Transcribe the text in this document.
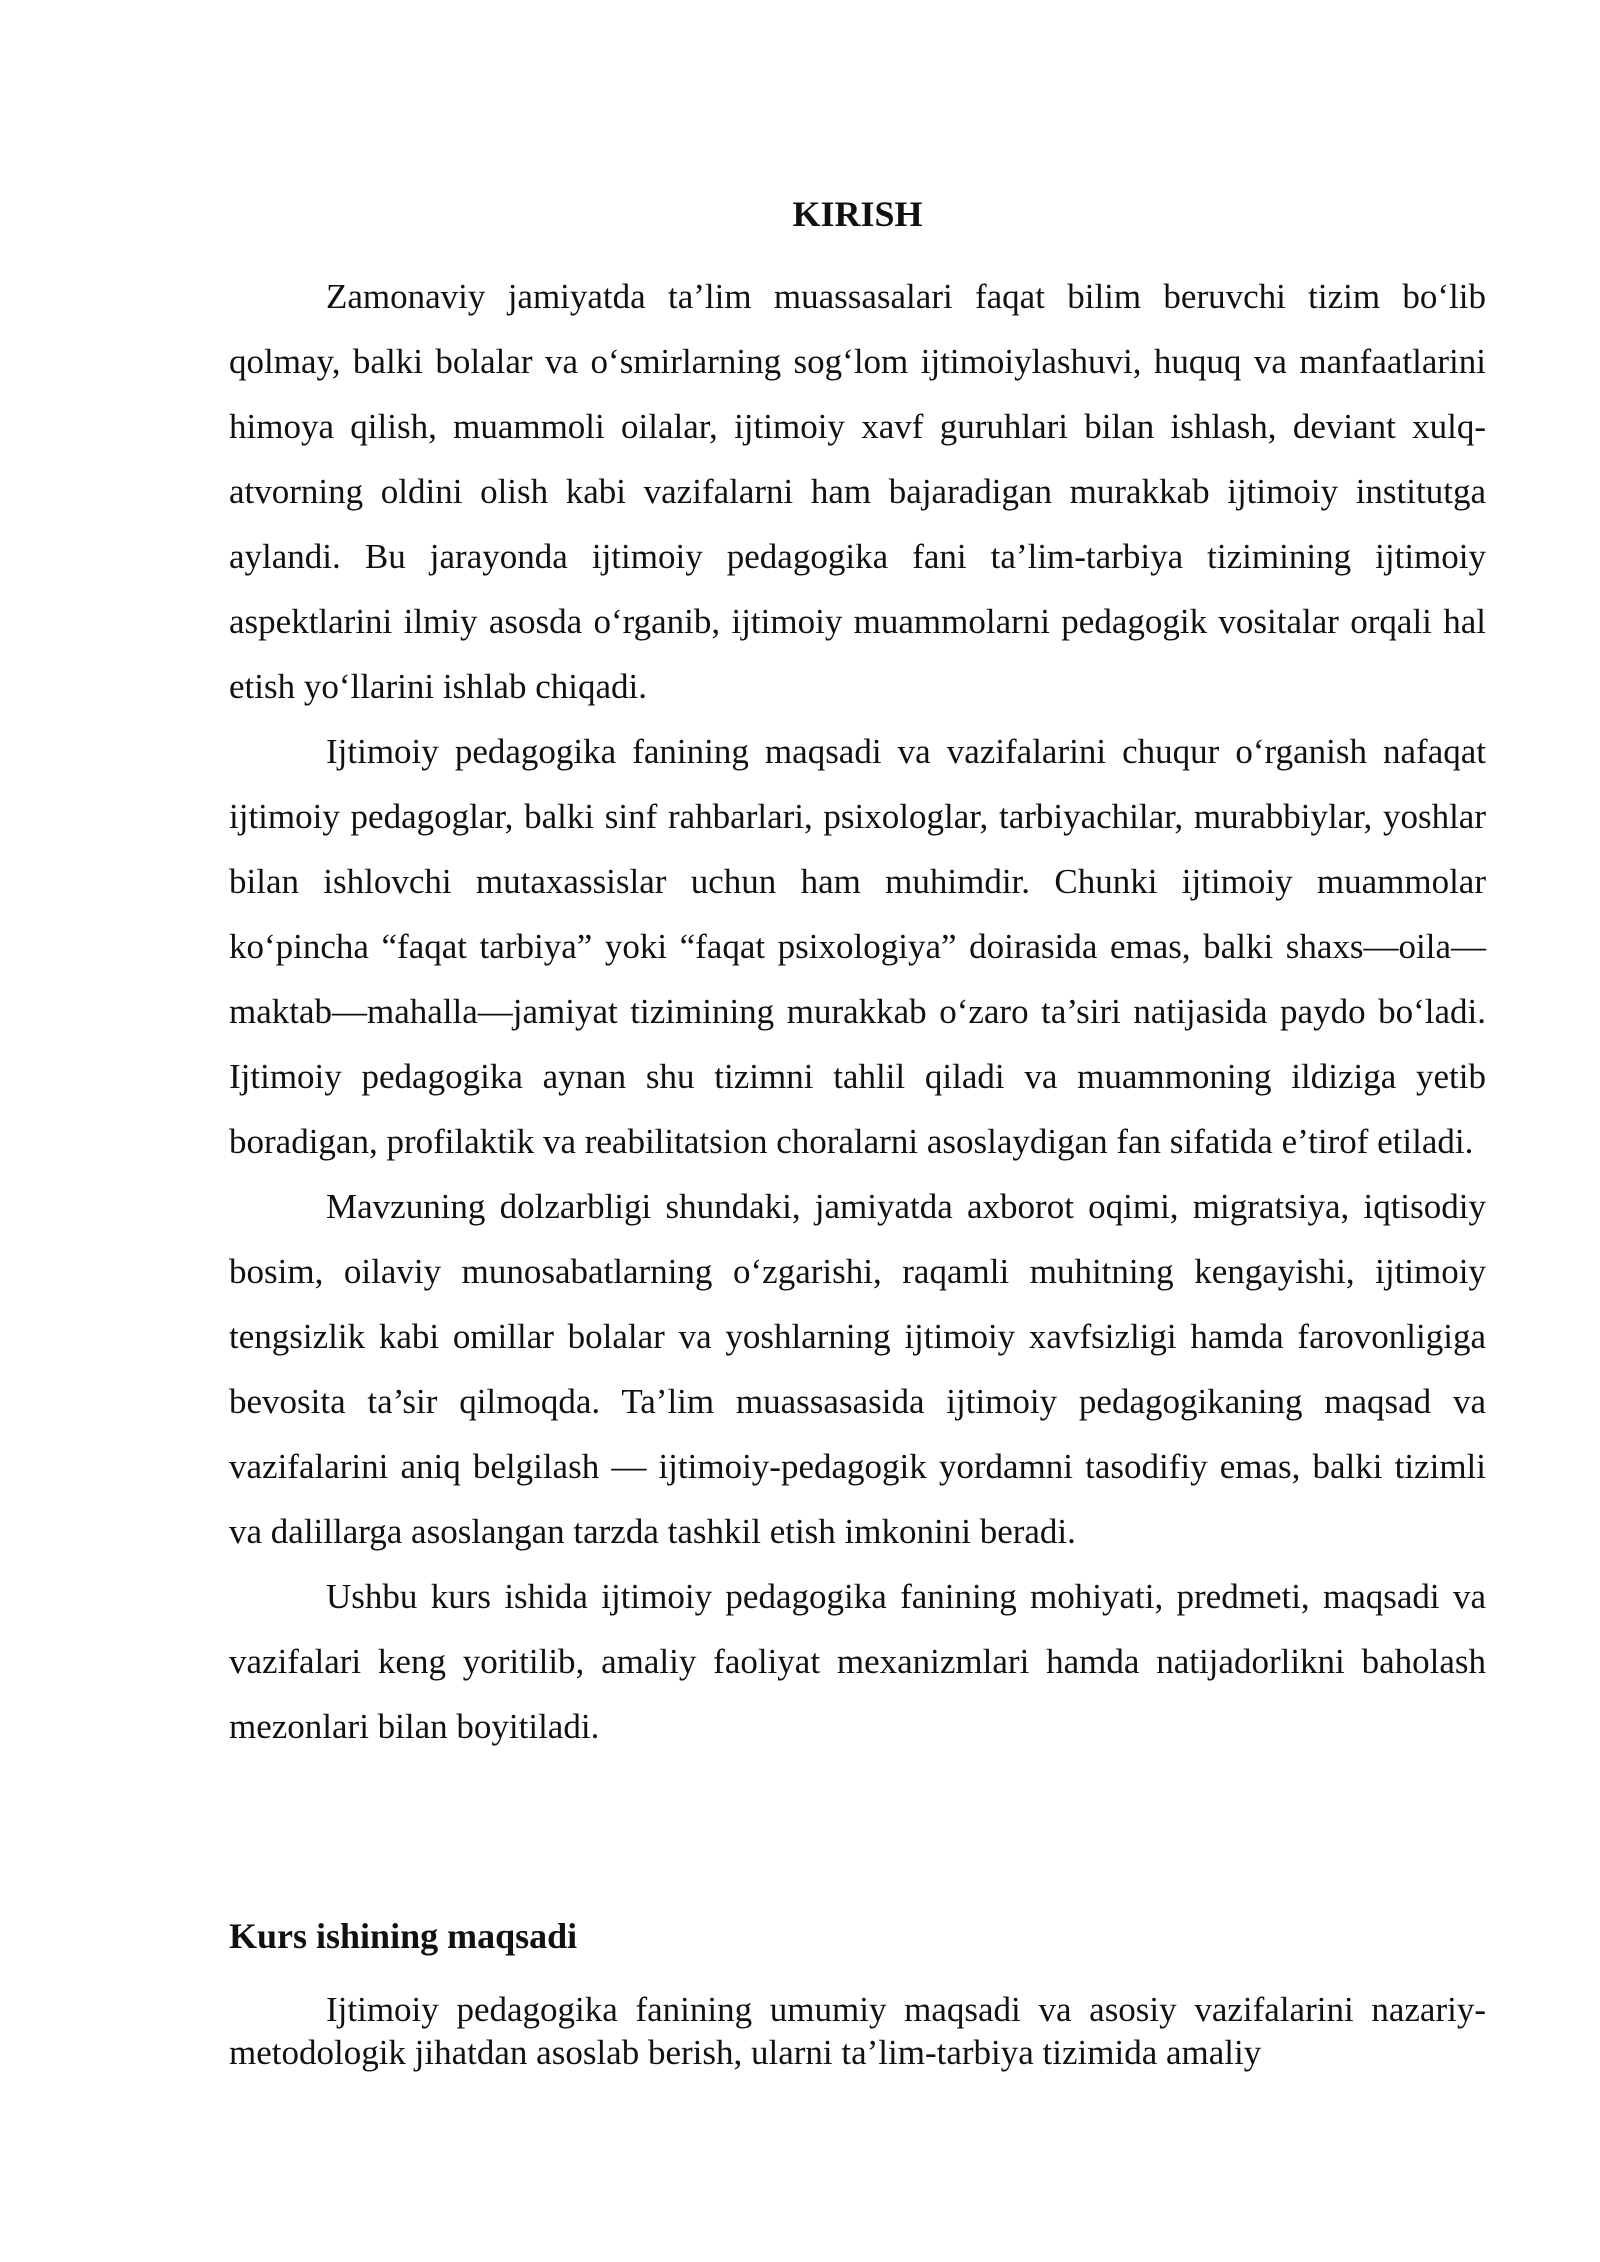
KIRISH

Zamonaviy jamiyatda ta’lim muassasalari faqat bilim beruvchi tizim bo‘lib qolmay, balki bolalar va o‘smirlarning sog‘lom ijtimoiylashuvi, huquq va manfaatlarini himoya qilish, muammoli oilalar, ijtimoiy xavf guruhlari bilan ishlash, deviant xulq-atvorning oldini olish kabi vazifalarni ham bajaradigan murakkab ijtimoiy institutga aylandi. Bu jarayonda ijtimoiy pedagogika fani ta’lim-tarbiya tizimining ijtimoiy aspektlarini ilmiy asosda o‘rganib, ijtimoiy muammolarni pedagogik vositalar orqali hal etish yo‘llarini ishlab chiqadi.

Ijtimoiy pedagogika fanining maqsadi va vazifalarini chuqur o‘rganish nafaqat ijtimoiy pedagoglar, balki sinf rahbarlari, psixologlar, tarbiyachilar, murabbiylar, yoshlar bilan ishlovchi mutaxassislar uchun ham muhimdir. Chunki ijtimoiy muammolar ko‘pincha “faqat tarbiya” yoki “faqat psixologiya” doirasida emas, balki shaxs—oila—maktab—mahalla—jamiyat tizimining murakkab o‘zaro ta’siri natijasida paydo bo‘ladi. Ijtimoiy pedagogika aynan shu tizimni tahlil qiladi va muammoning ildiziga yetib boradigan, profilaktik va reabilitatsion choralarni asoslaydigan fan sifatida e’tirof etiladi.

Mavzuning dolzarbligi shundaki, jamiyatda axborot oqimi, migratsiya, iqtisodiy bosim, oilaviy munosabatlarning o‘zgarishi, raqamli muhitning kengayishi, ijtimoiy tengsizlik kabi omillar bolalar va yoshlarning ijtimoiy xavfsizligi hamda farovonligiga bevosita ta’sir qilmoqda. Ta’lim muassasasida ijtimoiy pedagogikaning maqsad va vazifalarini aniq belgilash — ijtimoiy-pedagogik yordamni tasodifiy emas, balki tizimli va dalillarga asoslangan tarzda tashkil etish imkonini beradi.

Ushbu kurs ishida ijtimoiy pedagogika fanining mohiyati, predmeti, maqsadi va vazifalari keng yoritilib, amaliy faoliyat mexanizmlari hamda natijadorlikni baholash mezonlari bilan boyitiladi.

Kurs ishining maqsadi

Ijtimoiy pedagogika fanining umumiy maqsadi va asosiy vazifalarini nazariy-metodologik jihatdan asoslab berish, ularni ta’lim-tarbiya tizimida amaliy
